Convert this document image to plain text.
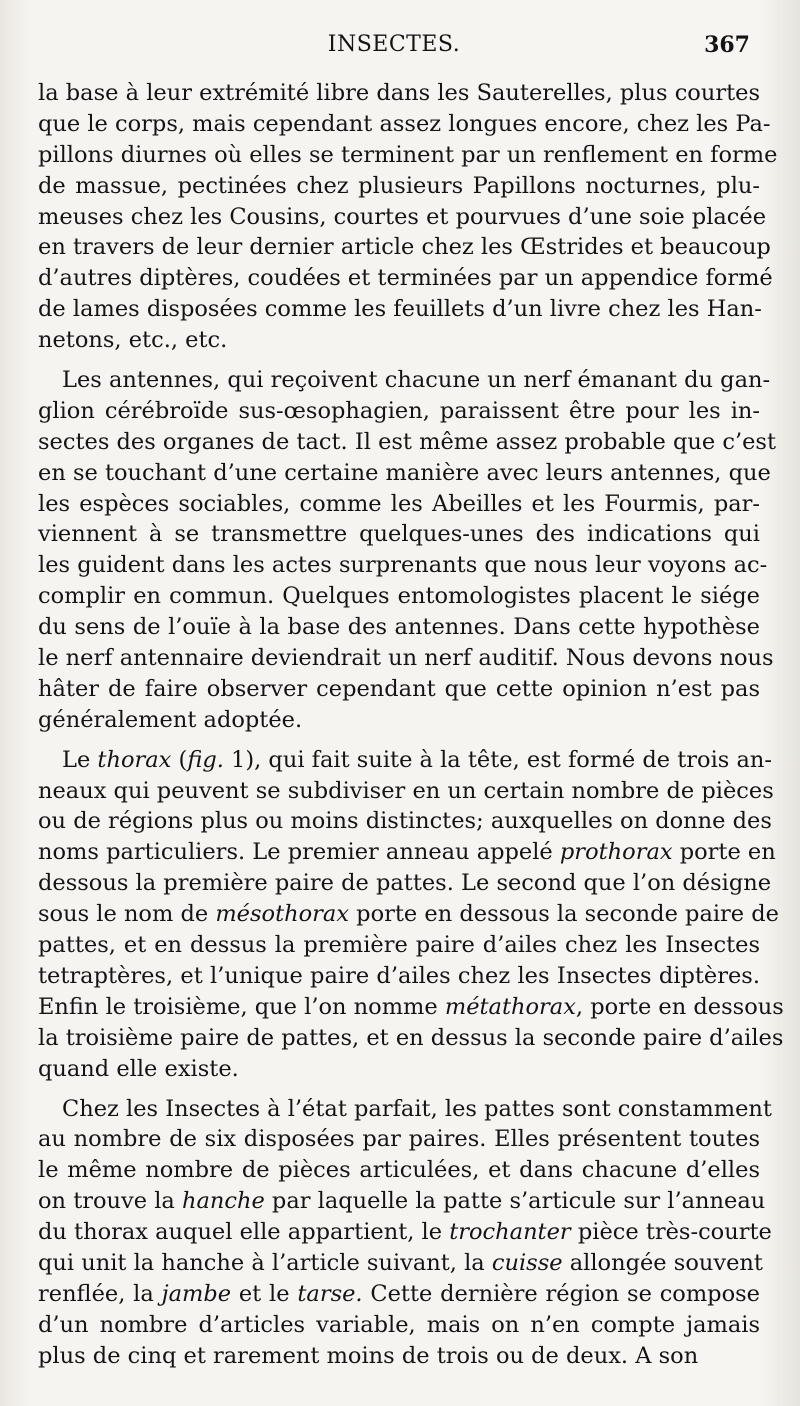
INSECTES.	367
la base à leur extrémité libre dans les Sauterelles, plus courtes
que le corps, mais cependant assez longues encore, chez les Pa-
pillons diurnes où elles se terminent par un renflement en forme
de massue, pectinées chez plusieurs Papillons nocturnes, plu-
meuses chez les Cousins, courtes et pourvues d’une soie placée
en travers de leur dernier article chez les Œstrides et beaucoup
d’autres diptères, coudées et terminées par un appendice formé
de lames disposées comme les feuillets d’un livre chez les Han-
netons, etc., etc.
Les antennes, qui reçoivent chacune un nerf émanant du gan-
glion cérébroïde sus-œsophagien, paraissent être pour les in-
sectes des organes de tact. Il est même assez probable que c’est
en se touchant d’une certaine manière avec leurs antennes, que
les espèces sociables, comme les Abeilles et les Fourmis, par-
viennent à se transmettre quelques-unes des indications qui
les guident dans les actes surprenants que nous leur voyons ac-
complir en commun. Quelques entomologistes placent le siége
du sens de l’ouïe à la base des antennes. Dans cette hypothèse
le nerf antennaire deviendrait un nerf auditif. Nous devons nous
hâter de faire observer cependant que cette opinion n’est pas
généralement adoptée.
Le thorax (fig. 1), qui fait suite à la tête, est formé de trois an-
neaux qui peuvent se subdiviser en un certain nombre de pièces
ou de régions plus ou moins distinctes; auxquelles on donne des
noms particuliers. Le premier anneau appelé prothorax porte en
dessous la première paire de pattes. Le second que l’on désigne
sous le nom de mésothorax porte en dessous la seconde paire de
pattes, et en dessus la première paire d’ailes chez les Insectes
tetraptères, et l’unique paire d’ailes chez les Insectes diptères.
Enfin le troisième, que l’on nomme métathorax, porte en dessous
la troisième paire de pattes, et en dessus la seconde paire d’ailes
quand elle existe.
Chez les Insectes à l’état parfait, les pattes sont constamment
au nombre de six disposées par paires. Elles présentent toutes
le même nombre de pièces articulées, et dans chacune d’elles
on trouve la hanche par laquelle la patte s’articule sur l’anneau
du thorax auquel elle appartient, le trochanter pièce très-courte
qui unit la hanche à l’article suivant, la cuisse allongée souvent
renflée, la jambe et le tarse. Cette dernière région se compose
d’un nombre d’articles variable, mais on n’en compte jamais
plus de cinq et rarement moins de trois ou de deux. A son
